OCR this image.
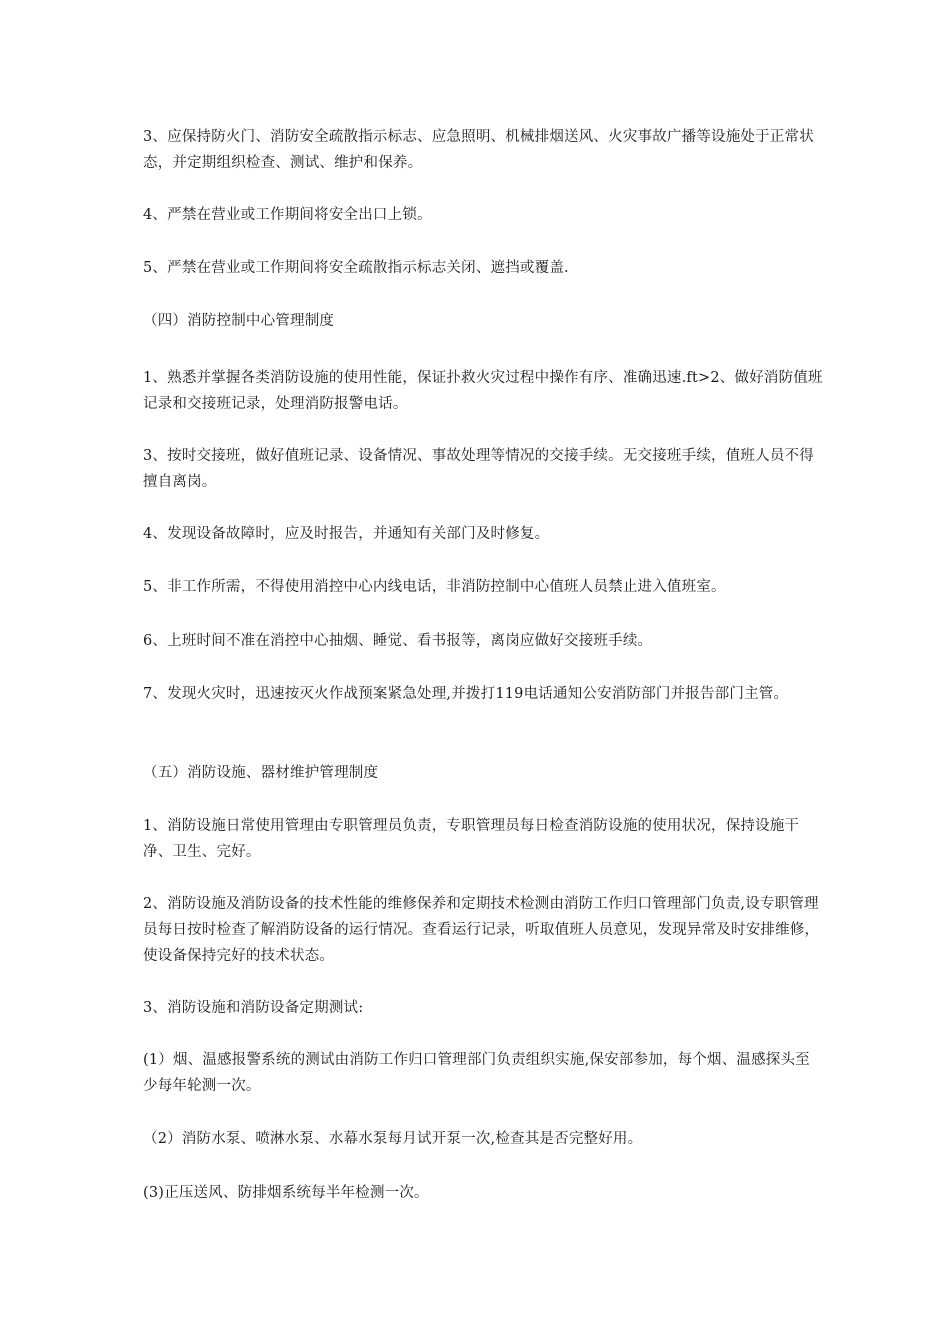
3、应保持防火门、消防安全疏散指示标志、应急照明、机械排烟送风、火灾事故广播等设施处于正常状态，并定期组织检查、测试、维护和保养。

4、严禁在营业或工作期间将安全出口上锁。

5、严禁在营业或工作期间将安全疏散指示标志关闭、遮挡或覆盖.

（四）消防控制中心管理制度

1、熟悉并掌握各类消防设施的使用性能，保证扑救火灾过程中操作有序、准确迅速.ft>2、做好消防值班记录和交接班记录，处理消防报警电话。

3、按时交接班，做好值班记录、设备情况、事故处理等情况的交接手续。无交接班手续，值班人员不得擅自离岗。

4、发现设备故障时，应及时报告，并通知有关部门及时修复。

5、非工作所需，不得使用消控中心内线电话，非消防控制中心值班人员禁止进入值班室。

6、上班时间不准在消控中心抽烟、睡觉、看书报等，离岗应做好交接班手续。

7、发现火灾时，迅速按灭火作战预案紧急处理,并拨打119电话通知公安消防部门并报告部门主管。

（五）消防设施、器材维护管理制度

1、消防设施日常使用管理由专职管理员负责，专职管理员每日检查消防设施的使用状况，保持设施干净、卫生、完好。

2、消防设施及消防设备的技术性能的维修保养和定期技术检测由消防工作归口管理部门负责,设专职管理员每日按时检查了解消防设备的运行情况。查看运行记录，听取值班人员意见，发现异常及时安排维修，使设备保持完好的技术状态。

3、消防设施和消防设备定期测试:

(1）烟、温感报警系统的测试由消防工作归口管理部门负责组织实施,保安部参加，每个烟、温感探头至少每年轮测一次。

（2）消防水泵、喷淋水泵、水幕水泵每月试开泵一次,检查其是否完整好用。

(3)正压送风、防排烟系统每半年检测一次。
